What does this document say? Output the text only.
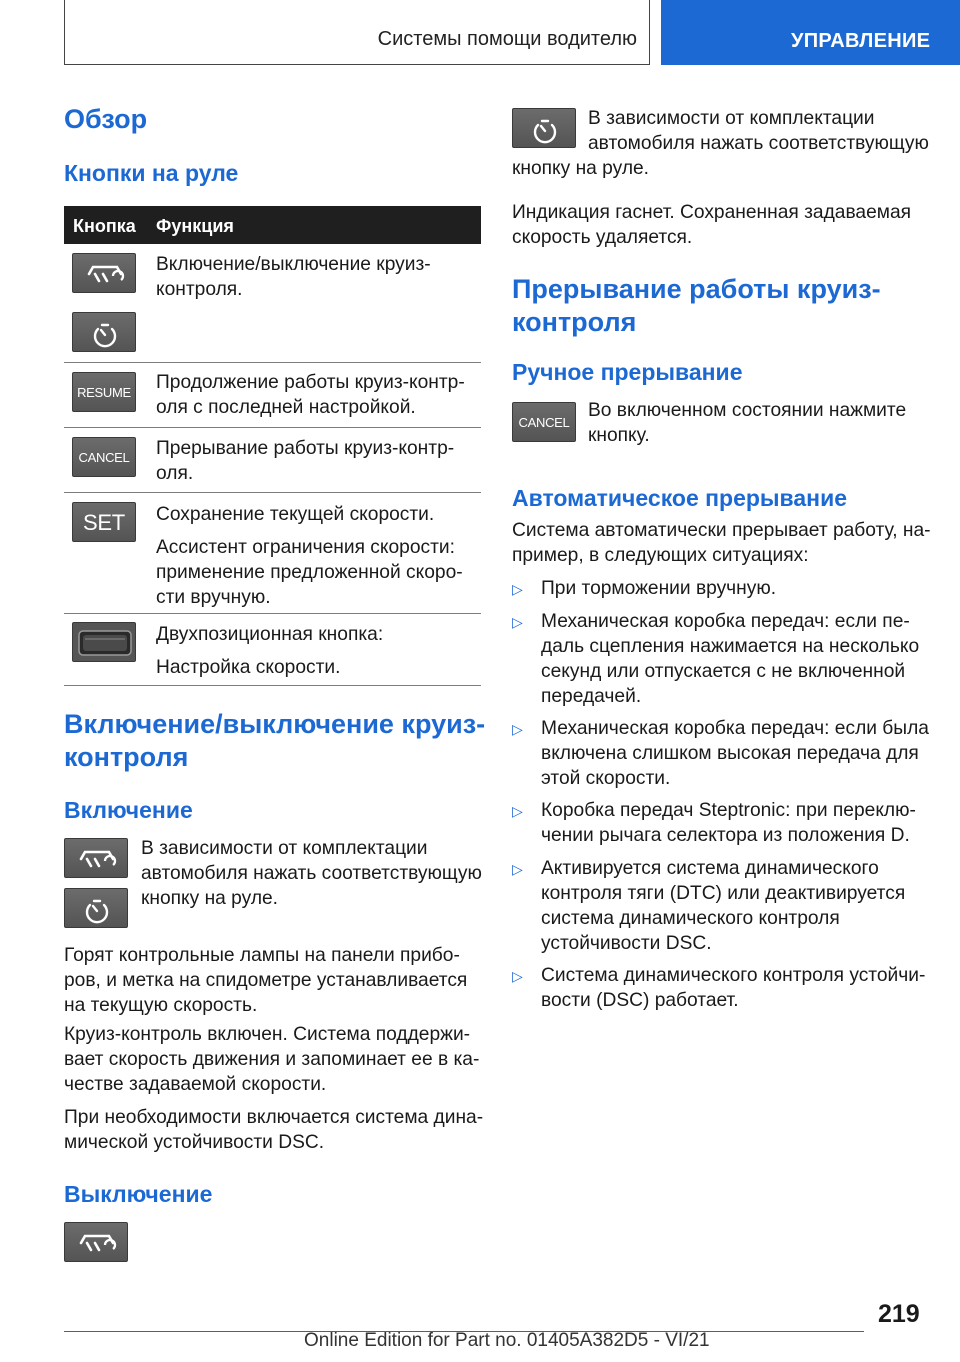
Системы помощи водителю	УПРАВЛЕНИЕ
Обзор
Кнопки на руле
Кнопка Функция
Включение/выключение круиз-
контроля.
RESUME Продолжение работы круиз-контр-
оля с последней настройкой.
CANCEL Прерывание работы круиз-контр-
оля.
SET	Сохранение текущей скорости.
Ассистент ограничения скорости:
применение предложенной скоро-
сти вручную.
Двухпозиционная кнопка:
Настройка скорости.
Включение/выключение круиз-
контроля
Включение
В зависимости от комплектации
автомобиля нажать соответствующую
кнопку на руле.
Горят контрольные лампы на панели прибо-
ров, и метка на спидометре устанавливается
на текущую скорость.
Круиз-контроль включен. Система поддержи-
вает скорость движения и запоминает ее в ка-
честве задаваемой скорости.
При необходимости включается система дина-
мической устойчивости DSC.
Выключение
В зависимости от комплектации
автомобиля нажать соответствующую
кнопку на руле.
Индикация гаснет. Сохраненная задаваемая
скорость удаляется.
Прерывание работы круиз-
контроля
Ручное прерывание
CANCEL
Во включенном состоянии нажмите
кнопку.
Автоматическое прерывание
Система автоматически прерывает работу, на-
пример, в следующих ситуациях:
▷ При торможении вручную.
▷ Механическая коробка передач: если пе-
даль сцепления нажимается на несколько
секунд или отпускается с не включенной
передачей.
▷ Механическая коробка передач: если была
включена слишком высокая передача для
этой скорости.
▷ Коробка передач Steptronic: при переклю-
чении рычага селектора из положения D.
▷ Активируется система динамического
контроля тяги (DTC) или деактивируется
система динамического контроля
устойчивости DSC.
▷ Система динамического контроля устойчи-
вости (DSC) работает.
219
Online Edition for Part no. 01405A382D5 - VI/21
